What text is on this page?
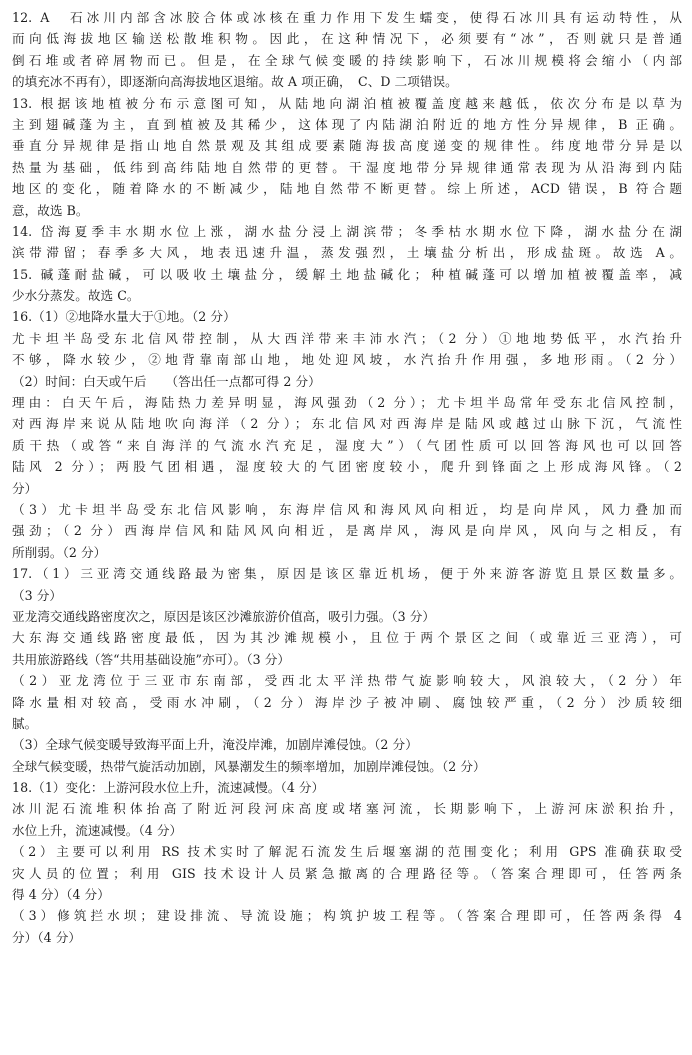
12. A　石冰川内部含冰胶合体或冰核在重力作用下发生蠕变，使得石冰川具有运动特性，从
而向低海拔地区输送松散堆积物。因此，在这种情况下，必须要有“冰”，否则就只是普通
倒石堆或者碎屑物而已。但是，在全球气候变暖的持续影响下，石冰川规模将会缩小（内部
的填充冰不再有），即逐渐向高海拔地区退缩。故 A 项正确，　C、D 二项错误。
13. 根据该地植被分布示意图可知，从陆地向湖泊植被覆盖度越来越低，依次分布是以草为
主到翅碱蓬为主，直到植被及其稀少，这体现了内陆湖泊附近的地方性分异规律，B 正确。
垂直分异规律是指山地自然景观及其组成要素随海拔高度递变的规律性。纬度地带分异是以
热量为基础，低纬到高纬陆地自然带的更替。干湿度地带分异规律通常表现为从沿海到内陆
地区的变化，随着降水的不断减少，陆地自然带不断更替。综上所述，ACD 错误，B 符合题
意，故选 B。
14. 岱海夏季丰水期水位上涨，湖水盐分浸上湖滨带；冬季枯水期水位下降，湖水盐分在湖
滨带滞留；春季多大风，地表迅速升温，蒸发强烈，土壤盐分析出，形成盐斑。故选 A。
15. 碱蓬耐盐碱，可以吸收土壤盐分，缓解土地盐碱化；种植碱蓬可以增加植被覆盖率，减
少水分蒸发。故选 C。
16.（1）②地降水量大于①地。（2 分）
尤卡坦半岛受东北信风带控制，从大西洋带来丰沛水汽；（2 分）①地地势低平，水汽抬升
不够，降水较少，②地背靠南部山地，地处迎风坡，水汽抬升作用强，多地形雨。（2 分）
（2）时间：白天或午后　　（答出任一点都可得 2 分）
理由：白天午后，海陆热力差异明显，海风强劲（2 分）；尤卡坦半岛常年受东北信风控制，
对西海岸来说从陆地吹向海洋（2 分）；东北信风对西海岸是陆风或越过山脉下沉，气流性
质干热（或答“来自海洋的气流水汽充足，湿度大”）（气团性质可以回答海风也可以回答
陆风 2 分）；两股气团相遇，湿度较大的气团密度较小，爬升到锋面之上形成海风锋。（2
分）
（3）尤卡坦半岛受东北信风影响，东海岸信风和海风风向相近，均是向岸风，风力叠加而
强劲；（2 分）西海岸信风和陆风风向相近，是离岸风，海风是向岸风，风向与之相反，有
所削弱。（2 分）
17.（1）三亚湾交通线路最为密集，原因是该区靠近机场，便于外来游客游览且景区数量多。
（3 分）
亚龙湾交通线路密度次之，原因是该区沙滩旅游价值高，吸引力强。（3 分）
大东海交通线路密度最低，因为其沙滩规模小，且位于两个景区之间（或靠近三亚湾），可
共用旅游路线（答“共用基础设施”亦可）。（3 分）
（2）亚龙湾位于三亚市东南部，受西北太平洋热带气旋影响较大，风浪较大，（2 分）年
降水量相对较高，受雨水冲刷，（2 分）海岸沙子被冲刷、腐蚀较严重，（2 分）沙质较细
腻。
（3）全球气候变暖导致海平面上升，淹没岸滩，加剧岸滩侵蚀。（2 分）
全球气候变暖，热带气旋活动加剧，风暴潮发生的频率增加，加剧岸滩侵蚀。（2 分）
18.（1）变化：上游河段水位上升，流速减慢。（4 分）
冰川泥石流堆积体抬高了附近河段河床高度或堵塞河流，长期影响下，上游河床淤积抬升，
水位上升，流速减慢。（4 分）
（2）主要可以利用 RS 技术实时了解泥石流发生后堰塞湖的范围变化；利用 GPS 准确获取受
灾人员的位置；利用 GIS 技术设计人员紧急撤离的合理路径等。（答案合理即可，任答两条
得 4 分）（4 分）
（3）修筑拦水坝；建设排流、导流设施；构筑护坡工程等。（答案合理即可，任答两条得 4
分）（4 分）
